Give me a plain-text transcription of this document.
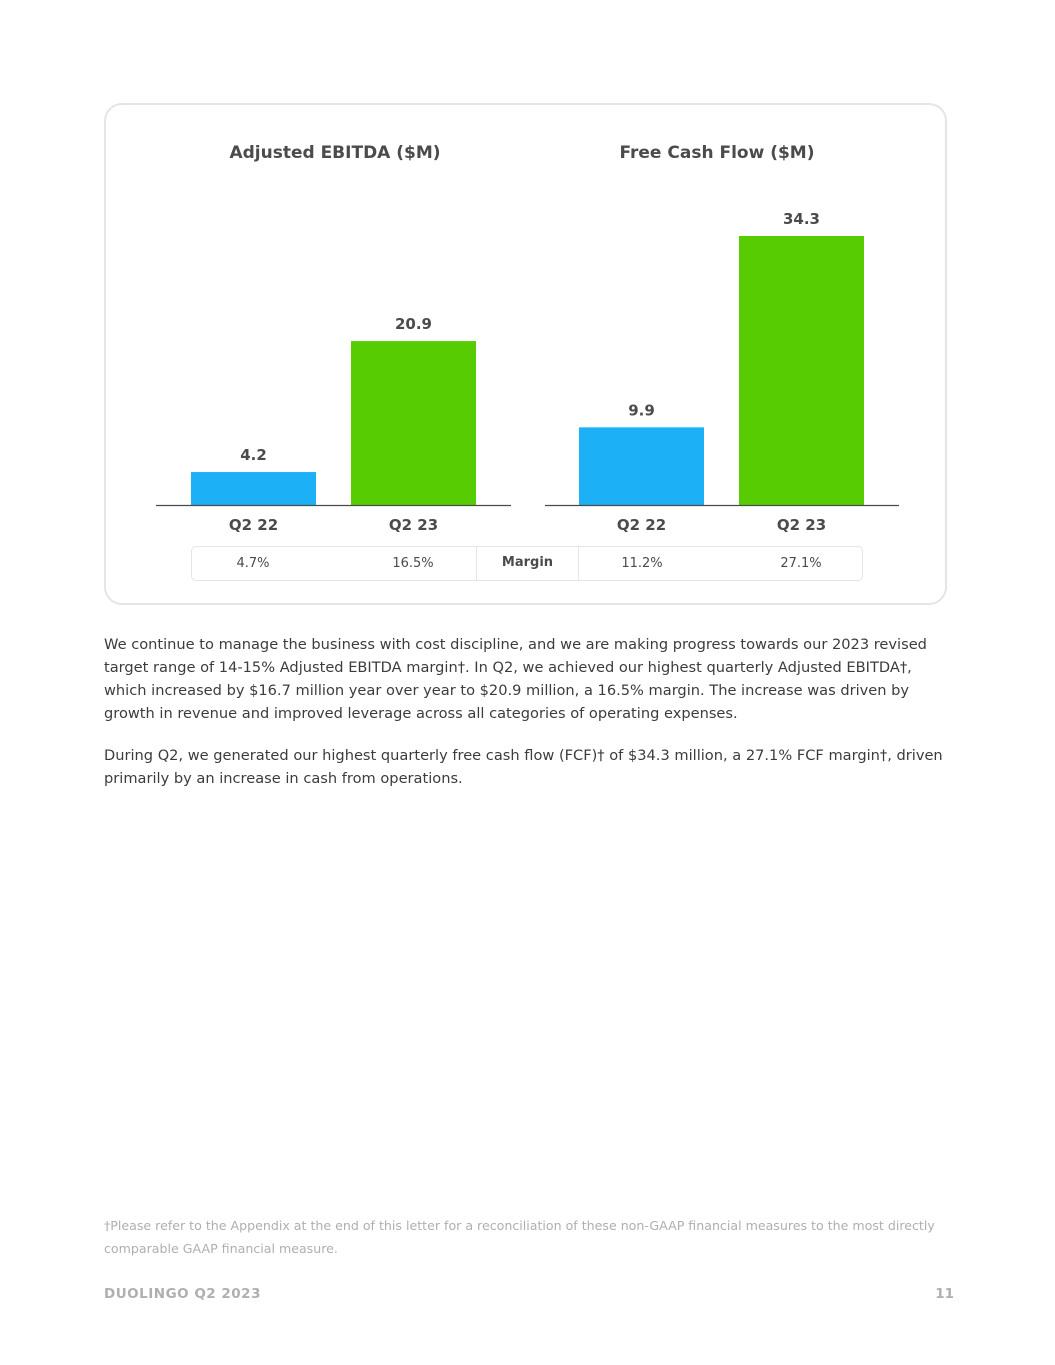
Adjusted EBITDA ($M)	Free Cash Flow ($M)
4.2
Q2 22
20.9
Q2 23
9.9
Q2 22
34.3
Q2 23
Margin
4.7%	16.5%	11.2%	27.1%

We continue to manage the business with cost discipline, and we are making progress towards our 2023 revised target range of 14-15% Adjusted EBITDA margin†. In Q2, we achieved our highest quarterly Adjusted EBITDA†, which increased by $16.7 million year over year to $20.9 million, a 16.5% margin. The increase was driven by growth in revenue and improved leverage across all categories of operating expenses.

During Q2, we generated our highest quarterly free cash flow (FCF)† of $34.3 million, a 27.1% FCF margin†, driven primarily by an increase in cash from operations.

†Please refer to the Appendix at the end of this letter for a reconciliation of these non-GAAP financial measures to the most directly comparable GAAP financial measure.

DUOLINGO Q2 2023	11
